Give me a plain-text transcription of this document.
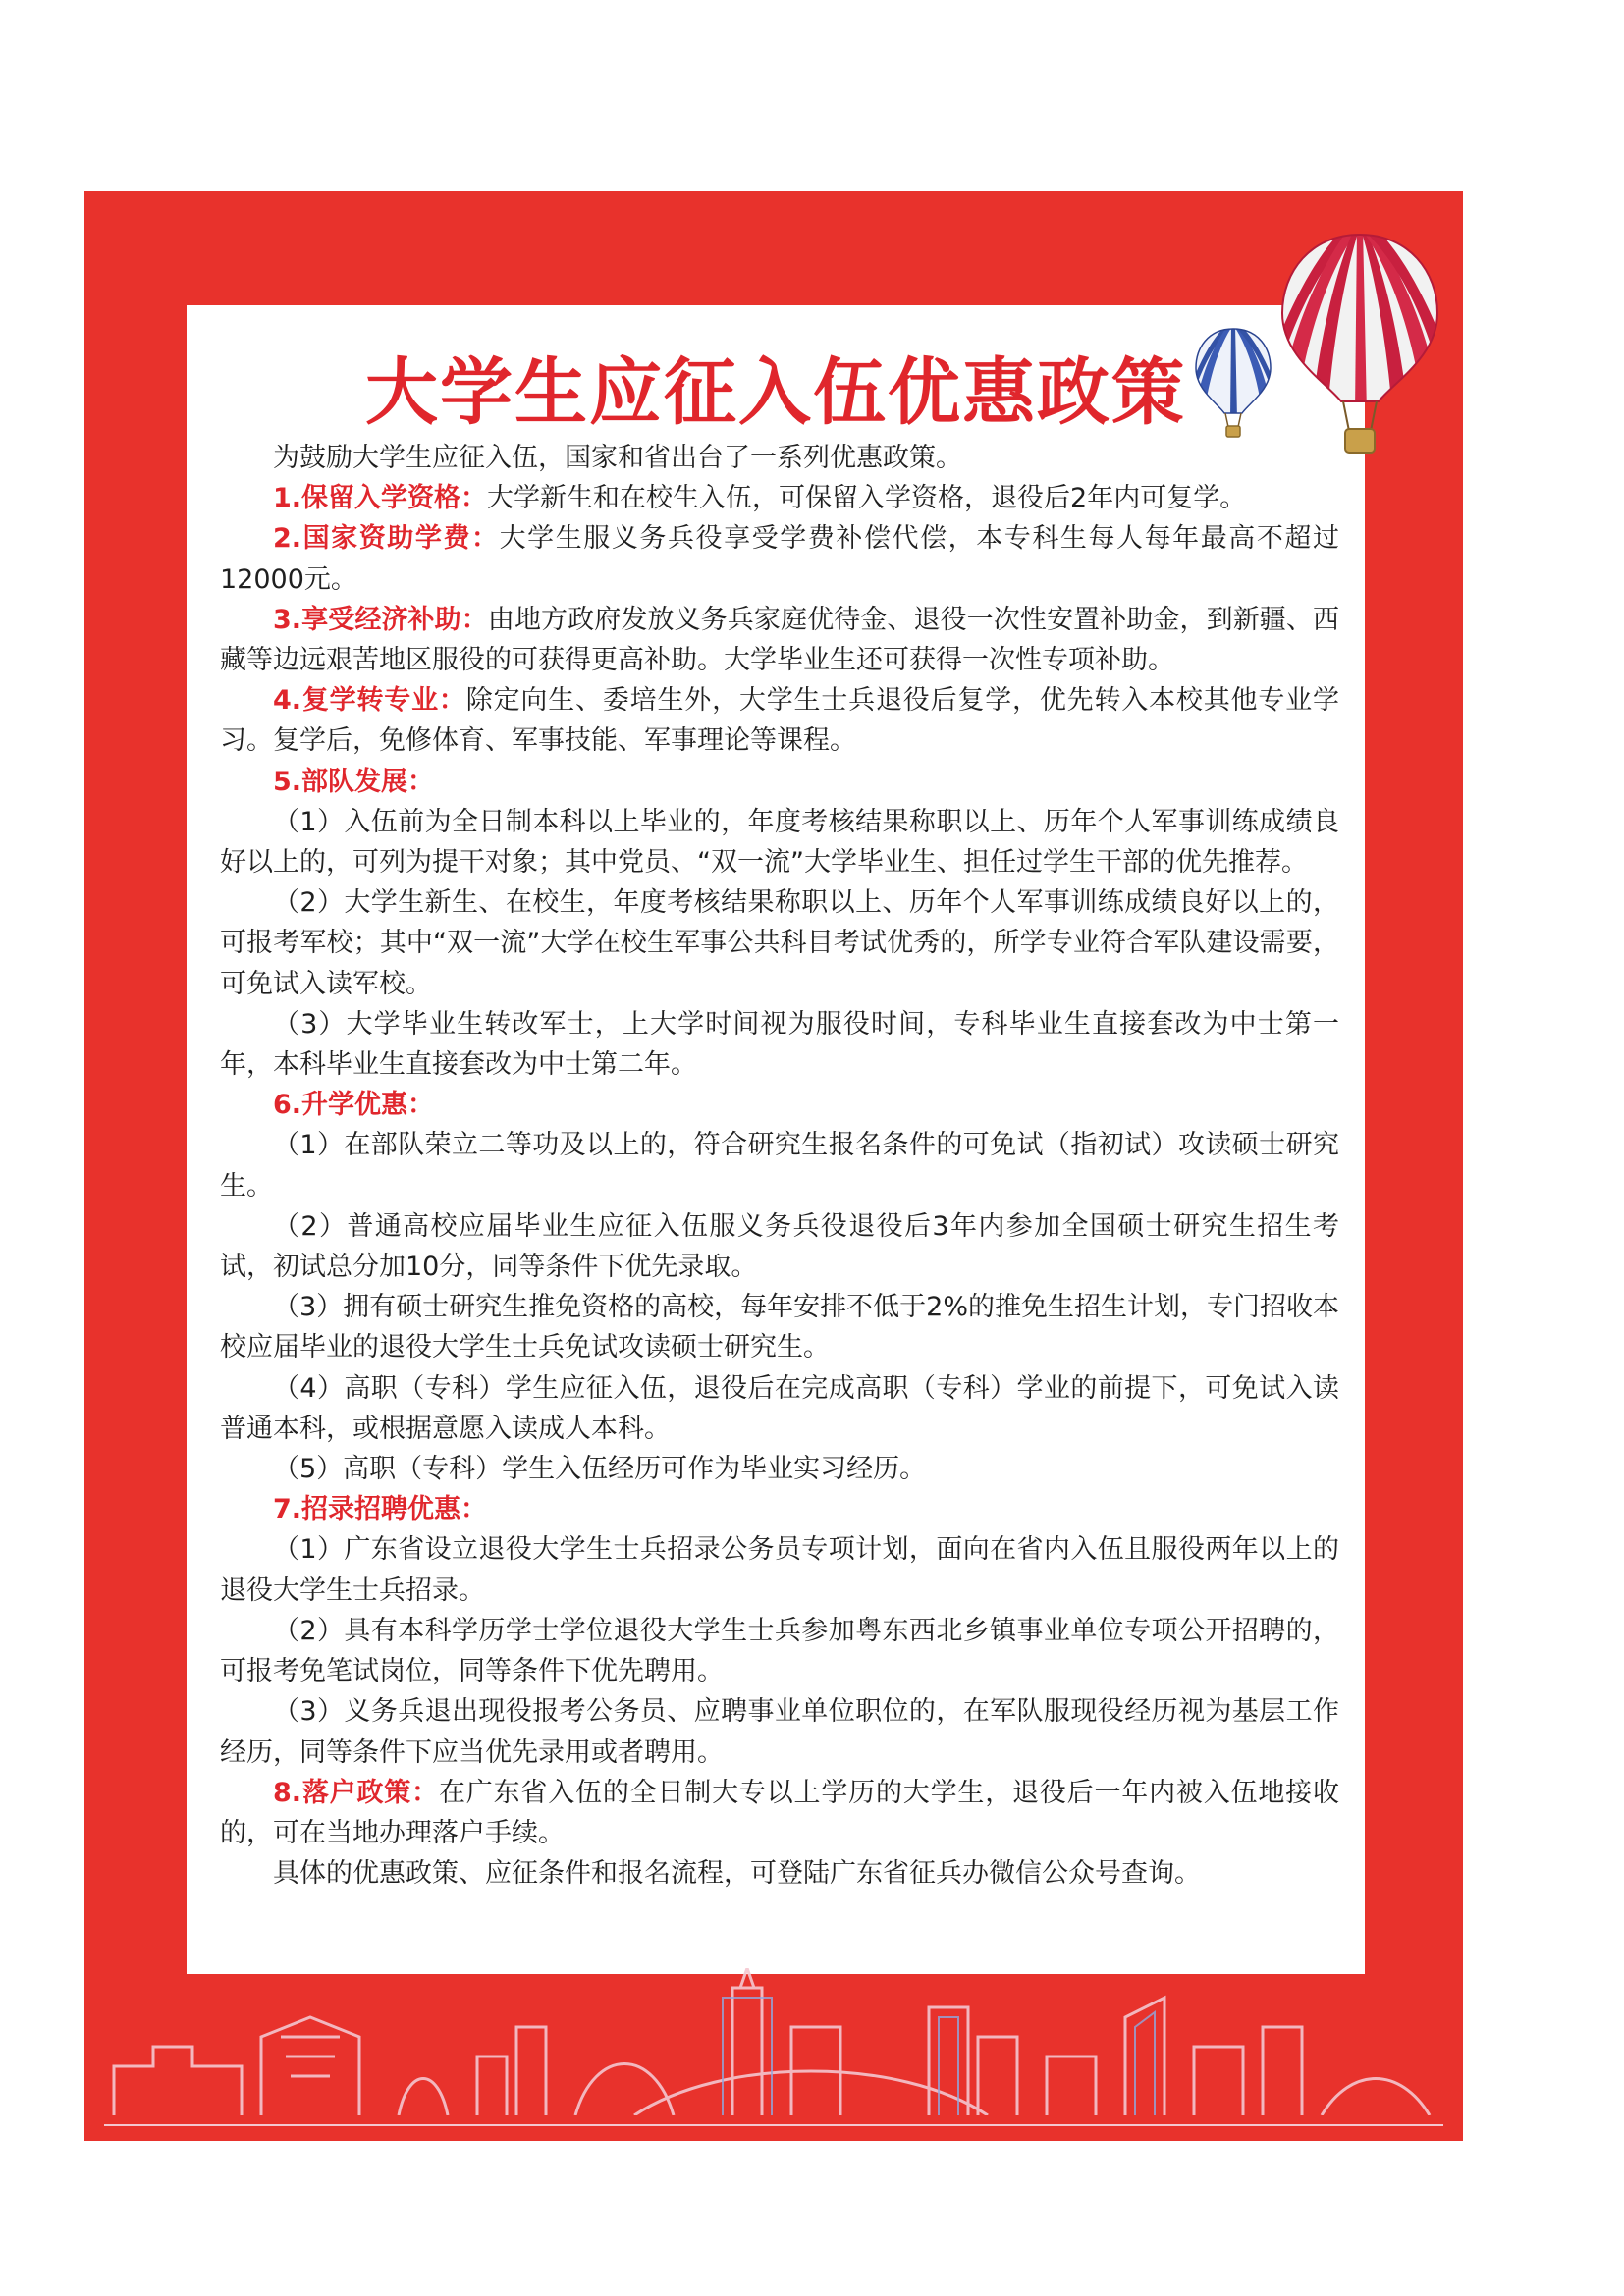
大学生应征入伍优惠政策

为鼓励大学生应征入伍，国家和省出台了一系列优惠政策。

1.保留入学资格：大学新生和在校生入伍，可保留入学资格，退役后2年内可复学。

2.国家资助学费：大学生服义务兵役享受学费补偿代偿，本专科生每人每年最高不超过12000元。

3.享受经济补助：由地方政府发放义务兵家庭优待金、退役一次性安置补助金，到新疆、西藏等边远艰苦地区服役的可获得更高补助。大学毕业生还可获得一次性专项补助。

4.复学转专业：除定向生、委培生外，大学生士兵退役后复学，优先转入本校其他专业学习。复学后，免修体育、军事技能、军事理论等课程。

5.部队发展：

（1）入伍前为全日制本科以上毕业的，年度考核结果称职以上、历年个人军事训练成绩良好以上的，可列为提干对象；其中党员、“双一流”大学毕业生、担任过学生干部的优先推荐。

（2）大学生新生、在校生，年度考核结果称职以上、历年个人军事训练成绩良好以上的，可报考军校；其中“双一流”大学在校生军事公共科目考试优秀的，所学专业符合军队建设需要，可免试入读军校。

（3）大学毕业生转改军士，上大学时间视为服役时间，专科毕业生直接套改为中士第一年，本科毕业生直接套改为中士第二年。

6.升学优惠：

（1）在部队荣立二等功及以上的，符合研究生报名条件的可免试（指初试）攻读硕士研究生。

（2）普通高校应届毕业生应征入伍服义务兵役退役后3年内参加全国硕士研究生招生考试，初试总分加10分，同等条件下优先录取。

（3）拥有硕士研究生推免资格的高校，每年安排不低于2%的推免生招生计划，专门招收本校应届毕业的退役大学生士兵免试攻读硕士研究生。

（4）高职（专科）学生应征入伍，退役后在完成高职（专科）学业的前提下，可免试入读普通本科，或根据意愿入读成人本科。

（5）高职（专科）学生入伍经历可作为毕业实习经历。

7.招录招聘优惠：

（1）广东省设立退役大学生士兵招录公务员专项计划，面向在省内入伍且服役两年以上的退役大学生士兵招录。

（2）具有本科学历学士学位退役大学生士兵参加粤东西北乡镇事业单位专项公开招聘的，可报考免笔试岗位，同等条件下优先聘用。

（3）义务兵退出现役报考公务员、应聘事业单位职位的，在军队服现役经历视为基层工作经历，同等条件下应当优先录用或者聘用。

8.落户政策：在广东省入伍的全日制大专以上学历的大学生，退役后一年内被入伍地接收的，可在当地办理落户手续。

具体的优惠政策、应征条件和报名流程，可登陆广东省征兵办微信公众号查询。
